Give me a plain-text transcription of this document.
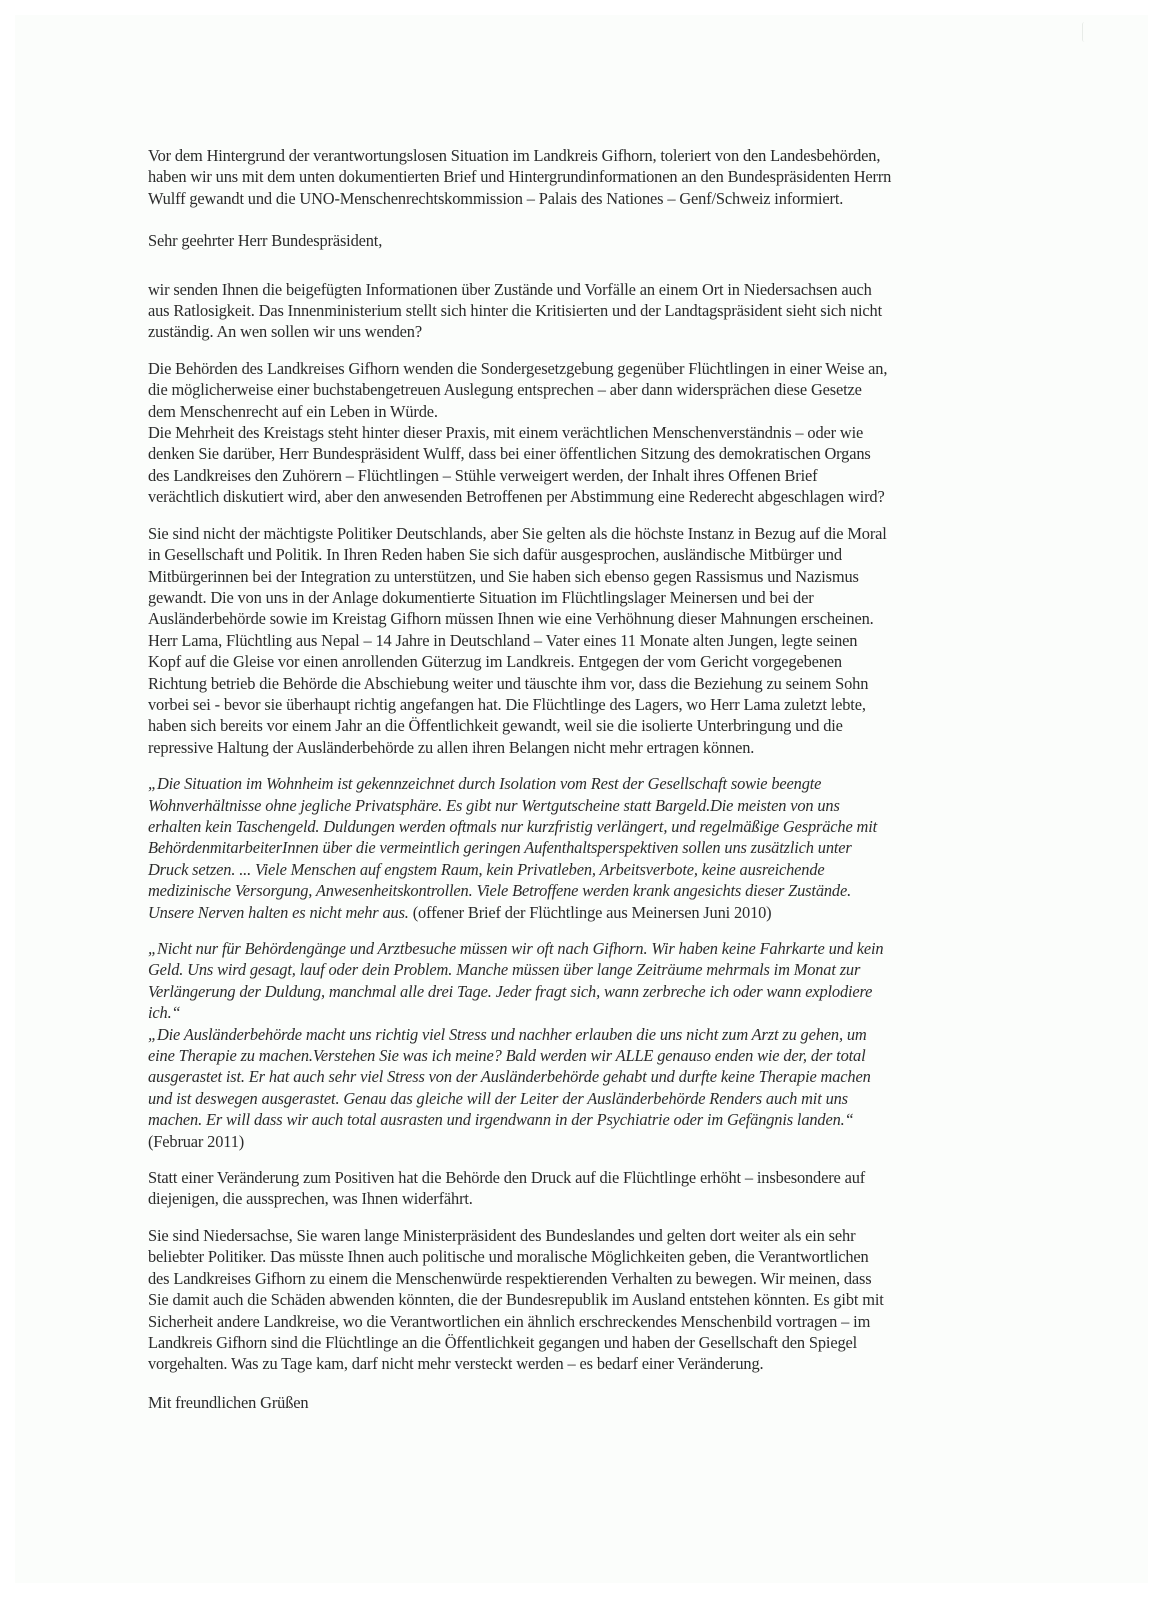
Vor dem Hintergrund der verantwortungslosen Situation im Landkreis Gifhorn, toleriert von den Landesbehörden,
haben wir uns mit dem unten dokumentierten Brief und Hintergrundinformationen an den Bundespräsidenten Herrn
Wulff gewandt und die UNO-Menschenrechtskommission – Palais des Nationes – Genf/Schweiz informiert.
Sehr geehrter Herr Bundespräsident,
wir senden Ihnen die beigefügten Informationen über Zustände und Vorfälle an einem Ort in Niedersachsen auch
aus Ratlosigkeit. Das Innenministerium stellt sich hinter die Kritisierten und der Landtagspräsident sieht sich nicht
zuständig. An wen sollen wir uns wenden?
Die Behörden des Landkreises Gifhorn wenden die Sondergesetzgebung gegenüber Flüchtlingen in einer Weise an,
die möglicherweise einer buchstabengetreuen Auslegung entsprechen – aber dann widersprächen diese Gesetze
dem Menschenrecht auf ein Leben in Würde.
Die Mehrheit des Kreistags steht hinter dieser Praxis, mit einem verächtlichen Menschenverständnis – oder wie
denken Sie darüber, Herr Bundespräsident Wulff, dass bei einer öffentlichen Sitzung des demokratischen Organs
des Landkreises den Zuhörern – Flüchtlingen – Stühle verweigert werden, der Inhalt ihres Offenen Brief
verächtlich diskutiert wird, aber den anwesenden Betroffenen per Abstimmung eine Rederecht abgeschlagen wird?
Sie sind nicht der mächtigste Politiker Deutschlands, aber Sie gelten als die höchste Instanz in Bezug auf die Moral
in Gesellschaft und Politik. In Ihren Reden haben Sie sich dafür ausgesprochen, ausländische Mitbürger und
Mitbürgerinnen bei der Integration zu unterstützen, und Sie haben sich ebenso gegen Rassismus und Nazismus
gewandt. Die von uns in der Anlage dokumentierte Situation im Flüchtlingslager Meinersen und bei der
Ausländerbehörde sowie im Kreistag Gifhorn müssen Ihnen wie eine Verhöhnung dieser Mahnungen erscheinen.
Herr Lama, Flüchtling aus Nepal – 14 Jahre in Deutschland – Vater eines 11 Monate alten Jungen, legte seinen
Kopf auf die Gleise vor einen anrollenden Güterzug im Landkreis. Entgegen der vom Gericht vorgegebenen
Richtung betrieb die Behörde die Abschiebung weiter und täuschte ihm vor, dass die Beziehung zu seinem Sohn
vorbei sei - bevor sie überhaupt richtig angefangen hat. Die Flüchtlinge des Lagers, wo Herr Lama zuletzt lebte,
haben sich bereits vor einem Jahr an die Öffentlichkeit gewandt, weil sie die isolierte Unterbringung und die
repressive Haltung der Ausländerbehörde zu allen ihren Belangen nicht mehr ertragen können.
„Die Situation im Wohnheim ist gekennzeichnet durch Isolation vom Rest der Gesellschaft sowie beengte
Wohnverhältnisse ohne jegliche Privatsphäre. Es gibt nur Wertgutscheine statt Bargeld.Die meisten von uns
erhalten kein Taschengeld. Duldungen werden oftmals nur kurzfristig verlängert, und regelmäßige Gespräche mit
BehördenmitarbeiterInnen über die vermeintlich geringen Aufenthaltsperspektiven sollen uns zusätzlich unter
Druck setzen. ... Viele Menschen auf engstem Raum, kein Privatleben, Arbeitsverbote, keine ausreichende
medizinische Versorgung, Anwesenheitskontrollen. Viele Betroffene werden krank angesichts dieser Zustände.
Unsere Nerven halten es nicht mehr aus. (offener Brief der Flüchtlinge aus Meinersen Juni 2010)
„Nicht nur für Behördengänge und Arztbesuche müssen wir oft nach Gifhorn. Wir haben keine Fahrkarte und kein
Geld. Uns wird gesagt, lauf oder dein Problem. Manche müssen über lange Zeiträume mehrmals im Monat zur
Verlängerung der Duldung, manchmal alle drei Tage. Jeder fragt sich, wann zerbreche ich oder wann explodiere
ich.“
„Die Ausländerbehörde macht uns richtig viel Stress und nachher erlauben die uns nicht zum Arzt zu gehen, um
eine Therapie zu machen.Verstehen Sie was ich meine? Bald werden wir ALLE genauso enden wie der, der total
ausgerastet ist. Er hat auch sehr viel Stress von der Ausländerbehörde gehabt und durfte keine Therapie machen
und ist deswegen ausgerastet. Genau das gleiche will der Leiter der Ausländerbehörde Renders auch mit uns
machen. Er will dass wir auch total ausrasten und irgendwann in der Psychiatrie oder im Gefängnis landen.“
(Februar 2011)
Statt einer Veränderung zum Positiven hat die Behörde den Druck auf die Flüchtlinge erhöht – insbesondere auf
diejenigen, die aussprechen, was Ihnen widerfährt.
Sie sind Niedersachse, Sie waren lange Ministerpräsident des Bundeslandes und gelten dort weiter als ein sehr
beliebter Politiker. Das müsste Ihnen auch politische und moralische Möglichkeiten geben, die Verantwortlichen
des Landkreises Gifhorn zu einem die Menschenwürde respektierenden Verhalten zu bewegen. Wir meinen, dass
Sie damit auch die Schäden abwenden könnten, die der Bundesrepublik im Ausland entstehen könnten. Es gibt mit
Sicherheit andere Landkreise, wo die Verantwortlichen ein ähnlich erschreckendes Menschenbild vortragen – im
Landkreis Gifhorn sind die Flüchtlinge an die Öffentlichkeit gegangen und haben der Gesellschaft den Spiegel
vorgehalten. Was zu Tage kam, darf nicht mehr versteckt werden – es bedarf einer Veränderung.
Mit freundlichen Grüßen
